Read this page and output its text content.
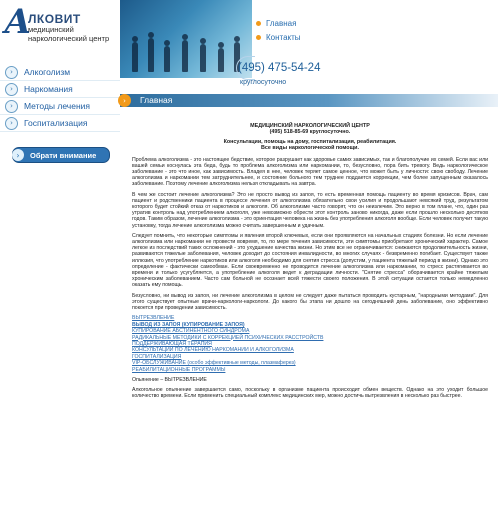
А
ЛКОВИТ
медицинский наркологический центр
Главная
Контакты
(495) 475-54-24
круглосуточно
›	Алкоголизм
›	Наркомания
›	Методы лечения
›	Госпитализация
›	Обрати внимание
›	Главная
МЕДИЦИНСКИЙ НАРКОЛОГИЧЕСКИЙ ЦЕНТР
(495) 518-85-69 круглосуточно.
Консультации, помощь на дому, госпитализация, реабилитация.
Все виды наркологической помощи.

Проблема алкоголизма - это настоящее бедствие, которое разрушает как здоровье самих зависимых, так и благополучие их семей. Если вас или вашей семьи коснулась эта беда, будь то проблема алкоголизма или наркомании, то, безусловно, пора бить тревогу. Ведь наркологическое заболевание - это что иное, как зависимость. Владея в нее, человек теряет самое ценное, что может быть у личности: свою свободу. Лечение алкоголизма и наркомании тем затруднительнее, и состояние больного тем труднее поддается коррекции, чем более запущенным оказалось заболевание. Поэтому лечение алкоголизма нельзя откладывать на завтра.

В чем же состоит лечение алкоголизма? Это не просто вывод из запоя, то есть временная помощь пациенту во время кризисов. Врач, сам пациент и родственники пациента в процессе лечения от алкоголизма обязательно свои усилия и продольшают невсякий труд, результатом которого будет стойкий отказ от наркотиков и алкоголя. Об алкоголизме часто говорят, что он неизлечим. Это верно в том плане, что, один раз утратив контроль над употреблением алкоголя, уже невозможно обрести этот контроль заново никогда, даже если прошло несколько десятков годов. Таким образом, лечение алкоголизма - это ориентация человека на жизнь без употребления алкоголя вообще. Если человек получит такую установку, тогда лечение алкоголизма можно считать завершенным и удачным.

Следует помнить, что некоторые симптомы и явления второй ключевых, если они проявляются на начальных стадиях болезни. Но если лечение алкоголизма или наркомании не провести вовремя, то, по мере течения зависимости, эти симптомы приобретают хронический характер. Самое легкое из последствий таких осложнений - это ухудшение качества жизни. Но этим все не ограничивается: снижаются продолжительность жизни, развиваются тяжелые заболевания, человек доходит до состояния инвалидности, во многих случаях - безвременно погибает. Существует также иллюзия, что употребление наркотиков или алкоголя необходимо для снятия стресса (допустим, у пациента тяжелый период в жизни). Однако это определение - фактически самообман. Если своевременно не проводится лечение алкоголизма или наркомании, то стресс растягивается во времени и только усугубляется, а употребление алкоголя ведет к деградации личности. "Снятие стресса" оборачивается крайне тяжелым хроническим заболеванием. Часто сам больной не осознает всей тяжести своего положения. В этой ситуации остается только немедленно оказать ему помощь.

Безусловно, ни вывод из запоя, ни лечение алкоголизма в целом не следует даже пытаться проводить кустарным, "народными методами". Для этого существует опытные врачи-наркологи-наркологи. До какого бы этапа ни дошло на сегодняшний день заболевание, оно эффективно покоется при проведении зависимость.

ВЫТРЕЗВЛЕНИЕ
ВЫВОД ИЗ ЗАПОЯ (КУПИРОВАНИЕ ЗАПОЯ)
КУПИРОВАНИЕ АБСТИНЕНТНОГО СИНДРОМА
РАДИКАЛЬНЫЕ МЕТОДИКИ С КОРРЕКЦИЕЙ ПСИХИЧЕСКИХ РАССТРОЙСТВ
ПОДДЕРЖИВАЮЩАЯ ТЕРАПИЯ
КОНСУЛЬТАЦИИ ПО ЛЕЧЕНИЮ НАРКОМАНИИ И АЛКОГОЛИЗМА
ГОСПИТАЛИЗАЦИЯ
VIP-ОБСЛУЖИВАНИЕ (особо эффективные методы, плазмаферез)
РЕАБИЛИТАЦИОННЫЕ ПРОГРАММЫ

Опьянение – ВЫТРЕЗВЛЕНИЕ

Алкогольное опьянение завершается само, поскольку в организме пациента происходит обмен веществ. Однако на это уходит большое количество времени. Если применить специальный комплекс медицинских мер, можно достичь вытрезвления в несколько раз быстрее.
